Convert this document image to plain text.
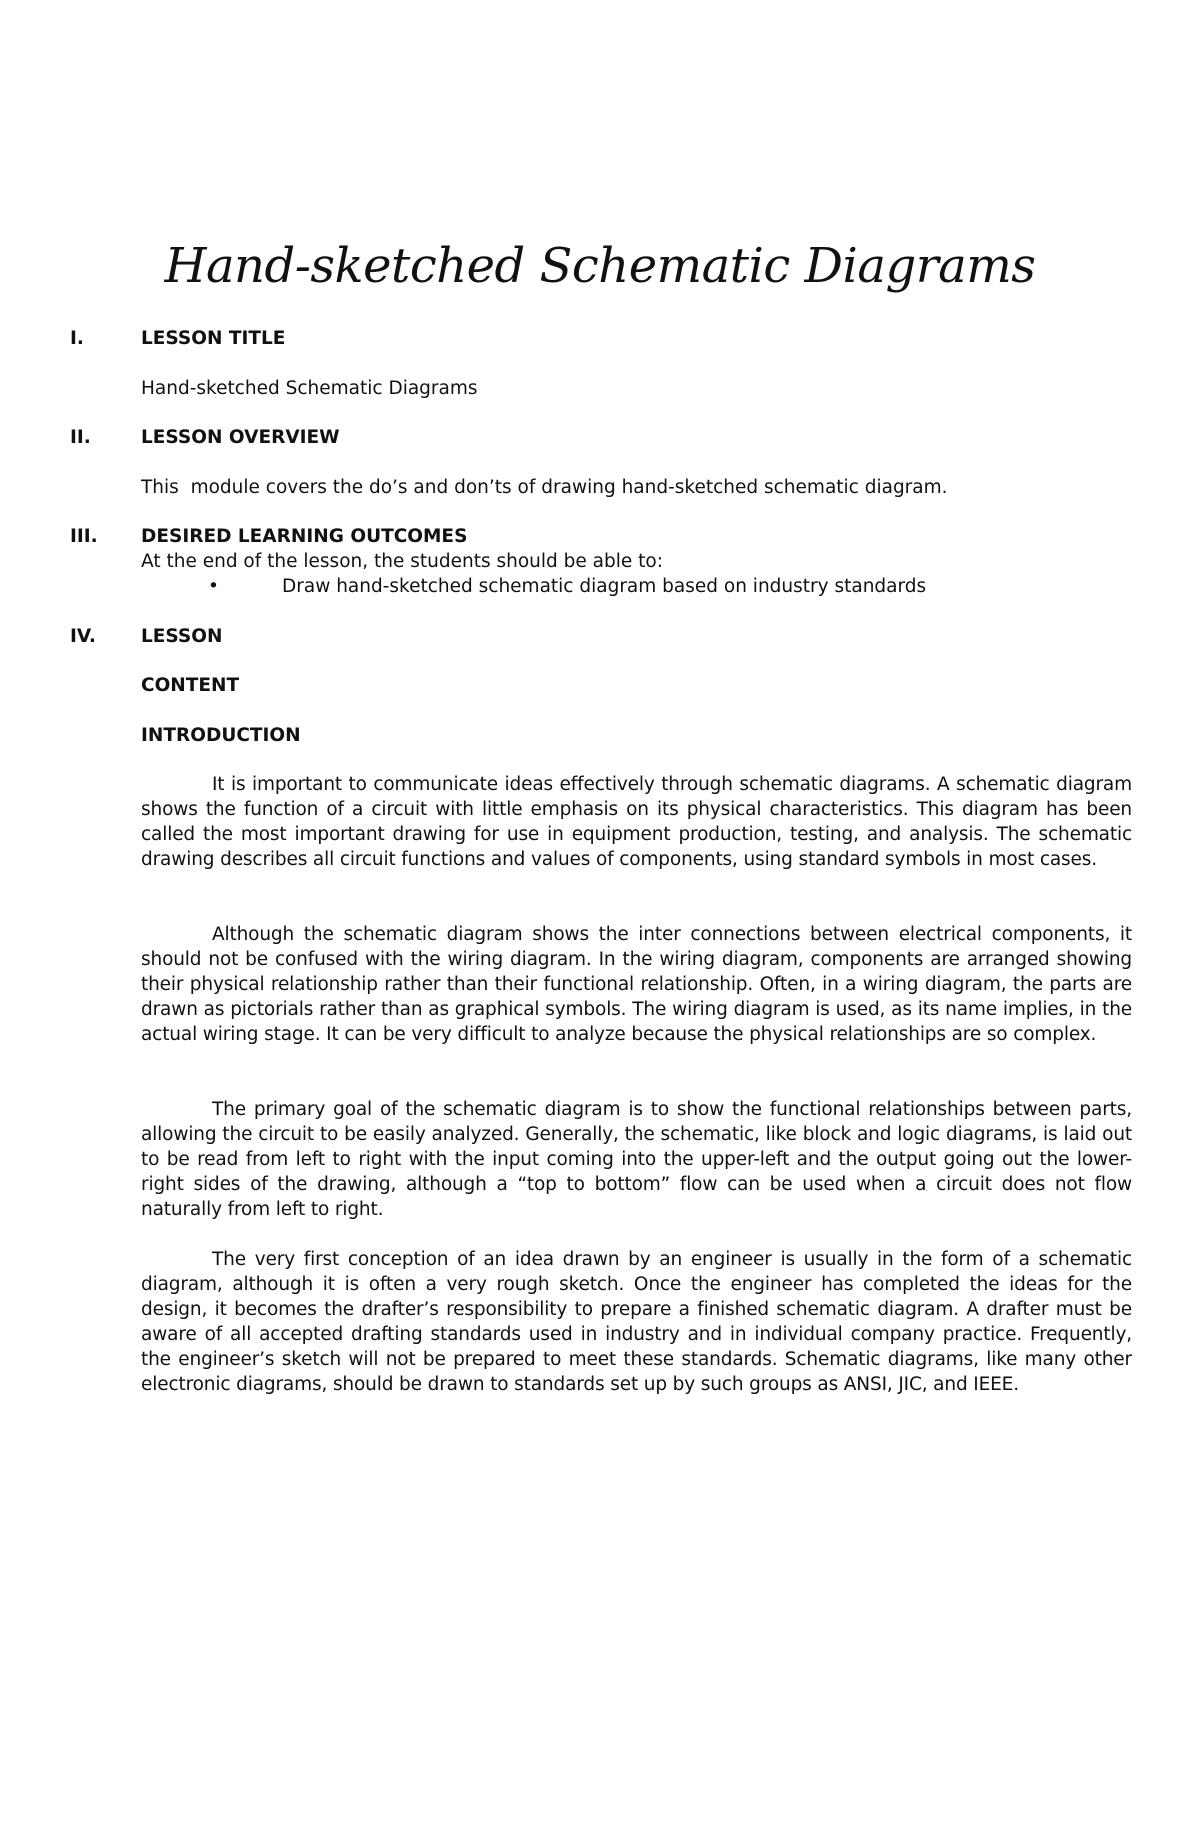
Hand-sketched Schematic Diagrams
I.	LESSON TITLE
Hand-sketched Schematic Diagrams
II.	LESSON OVERVIEW
This  module covers the do’s and don’ts of drawing hand-sketched schematic diagram.
III. DESIRED LEARNING OUTCOMES
At the end of the lesson, the students should be able to:
•	Draw hand-sketched schematic diagram based on industry standards
IV. LESSON
CONTENT
INTRODUCTION

It is important to communicate ideas effectively through schematic diagrams. A schematic diagram shows the function of a circuit with little emphasis on its physical characteristics. This diagram has been called the most important drawing for use in equipment production, testing, and analysis. The schematic drawing describes all circuit functions and values of components, using standard symbols in most cases.

Although the schematic diagram shows the inter connections between electrical components, it should not be confused with the wiring diagram. In the wiring diagram, components are arranged showing their physical relationship rather than their functional relationship. Often, in a wiring diagram, the parts are drawn as pictorials rather than as graphical symbols. The wiring diagram is used, as its name implies, in the actual wiring stage. It can be very difficult to analyze because the physical relationships are so complex.

The primary goal of the schematic diagram is to show the functional relationships between parts, allowing the circuit to be easily analyzed. Generally, the schematic, like block and logic diagrams, is laid out to be read from left to right with the input coming into the upper-left and the output going out the lower-right sides of the drawing, although a “top to bottom” flow can be used when a circuit does not flow naturally from left to right.

The very first conception of an idea drawn by an engineer is usually in the form of a schematic diagram, although it is often a very rough sketch. Once the engineer has completed the ideas for the design, it becomes the drafter’s responsibility to prepare a finished schematic diagram. A drafter must be aware of all accepted drafting standards used in industry and in individual company practice. Frequently, the engineer’s sketch will not be prepared to meet these standards. Schematic diagrams, like many other electronic diagrams, should be drawn to standards set up by such groups as ANSI, JIC, and IEEE.
